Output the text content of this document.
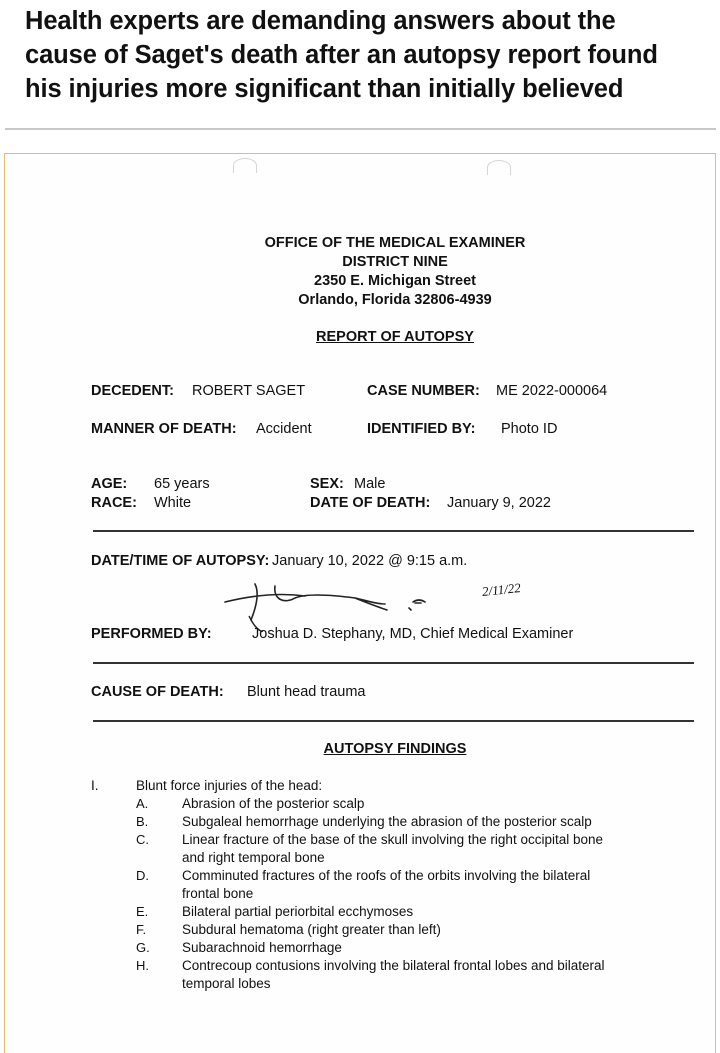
Health experts are demanding answers about the
cause of Saget's death after an autopsy report found
his injuries more significant than initially believed
OFFICE OF THE MEDICAL EXAMINER
DISTRICT NINE
2350 E. Michigan Street
Orlando, Florida 32806-4939
REPORT OF AUTOPSY
DECEDENT: ROBERT SAGET	CASE NUMBER: ME 2022-000064
MANNER OF DEATH: Accident	IDENTIFIED BY: Photo ID
AGE: 65 years
RACE: White
SEX: Male
DATE OF DEATH: January 9, 2022
DATE/TIME OF AUTOPSY: January 10, 2022 @ 9:15 a.m.
2/11/22
PERFORMED BY:	Joshua D. Stephany, MD, Chief Medical Examiner
CAUSE OF DEATH: Blunt head trauma
AUTOPSY FINDINGS
I.	Blunt force injuries of the head:
A. Abrasion of the posterior scalp
B. Subgaleal hemorrhage underlying the abrasion of the posterior scalp
C. Linear fracture of the base of the skull involving the right occipital bone
and right temporal bone
D. Comminuted fractures of the roofs of the orbits involving the bilateral
frontal bone
E. Bilateral partial periorbital ecchymoses
F.	Subdural hematoma (right greater than left)
G. Subarachnoid hemorrhage
H. Contrecoup contusions involving the bilateral frontal lobes and bilateral
temporal lobes
